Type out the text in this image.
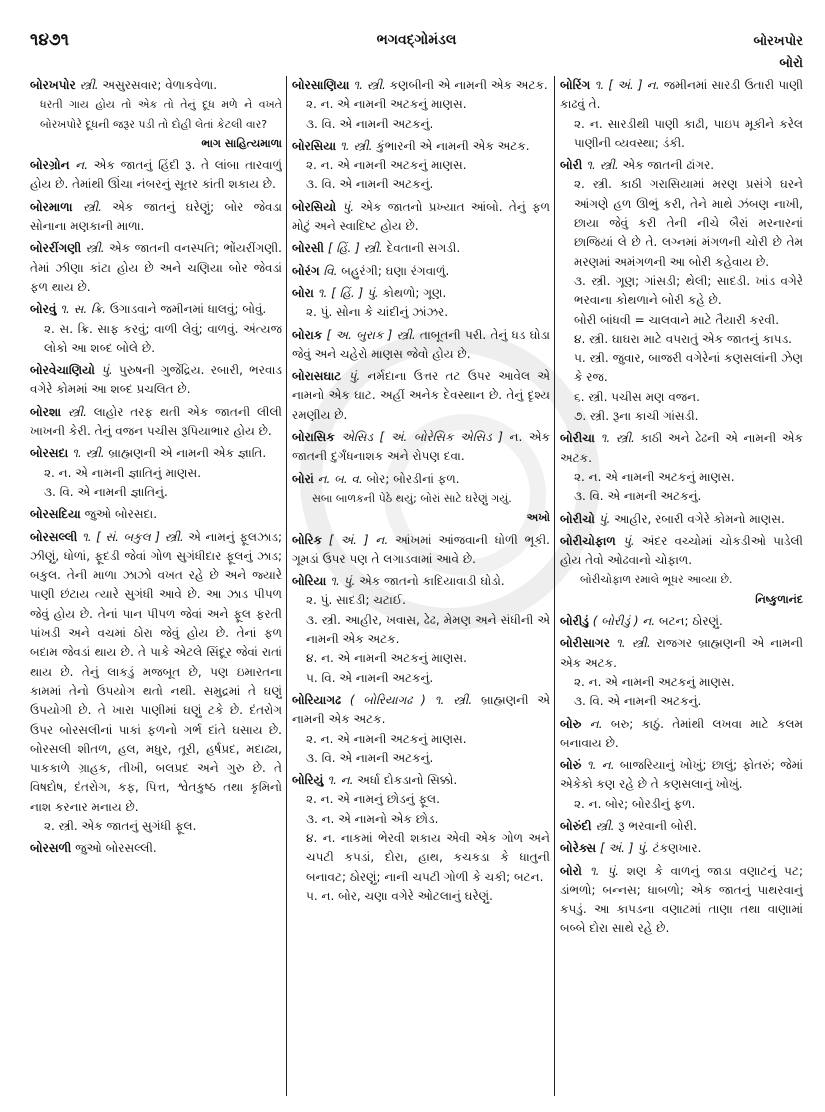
૧૪૭૧	ભગવદ્ગોમંડલ	બોરખપોર
બોરો

બોરખપોર સ્ત્રી. અસુરસવાર; વેળાકવેળા.

ધરતી ગાય હોય તો એક તો તેનું દૂધ મળે ને વખતે બોરખપોરે દૂધની જરૂર પડી તો દોહી લેતાં કેટલી વાર?

ભાગ સાહિત્યમાળા

બોરગ્રોન ન. એક જાતનું હિંદી રૂ. તે લાંબા તારવાળું હોય છે. તેમાંથી ઊંચા નંબરનું સૂતર કાંતી શકાય છે.

બોરમાળા સ્ત્રી. એક જાતનું ઘરેણું; બોર જેવડા સોનાના મણકાની માળા.

બોરરીંગણી સ્ત્રી. એક જાતની વનસ્પતિ; ભોંયરીંગણી. તેમાં ઝીણા કાંટા હોય છે અને ચણિયા બોર જેવડાં ફળ થાય છે.

બોરવું ૧. સ. ક્રિ. ઉગાડવાને જમીનમાં ધાલવું; બોવું.

૨. સ. ક્રિ. સાફ કરવું; વાળી લેવું; વાળવું. અંત્યજ લોકો આ શબ્દ બોલે છે.

બોરવેચાણિયો પું. પુરુષની ગુજેંદ્રિય. રબારી, ભરવાડ વગેરે કોમમાં આ શબ્દ પ્રચલિત છે.

બોરશા સ્ત્રી. લાહોર તરફ થતી એક જાતની લીલી ખાખની કેરી. તેનું વજન પચીસ રૂપિયાભાર હોય છે.

બોરસદા ૧. સ્ત્રી. બ્રાહ્મણની એ નામની એક જ્ઞાતિ.

૨. ન. એ નામની જ્ઞાતિનું માણસ.

૩. વિ. એ નામની જ્ઞાતિનું.

બોરસદિયા જુઓ બોરસદા.

બોરસલ્લી ૧. [ સં. બકુલ ] સ્ત્રી. એ નામનું ફૂલઝાડ; ઝીણું, ધોળાં, ફૂદડી જેવાં ગોળ સુગંધીદાર ફૂલનું ઝાડ; બકુલ. તેની માળા ઝાઝો વખત રહે છે અને જ્યારે પાણી છંટાય ત્યારે સુગંધી આવે છે. આ ઝાડ પીપળ જેવું હોય છે. તેનાં પાન પીપળ જેવાં અને ફૂલ ફરતી પાંખડી અને વચમાં ઠોરા જેવું હોય છે. તેનાં ફળ બદામ જેવડાં થાય છે. તે પાકે એટલે સિંદૂર જેવાં રાતાં થાય છે. તેનું લાકડું મજબૂત છે, પણ ઇમારતના કામમાં તેનો ઉપયોગ થતો નથી. સમુદ્રમાં તે ઘણું ઉપયોગી છે. તે ખારા પાણીમાં ઘણું ટકે છે. દંતરોગ ઉપર બોરસલીનાં પાકાં ફળનો ગર્ભ દાંતે ઘસાય છે. બોરસલી શીતળ, હલ, મધુર, તૂરી, હર્ષપ્રદ, મદાઢ્ય, પાકકાળે ગ્રાહક, તીખી, બલપ્રદ અને ગુરુ છે. તે વિષદોષ, દંતરોગ, કફ, પિત્ત, શ્વેતકુષ્ઠ તથા કૃમિનો નાશ કરનાર મનાય છે.

૨. સ્ત્રી. એક જાતનું સુગંધી ફૂલ.

બોરસળી જુઓ બોરસલ્લી.

બોરસાણિયા ૧. સ્ત્રી. કણબીની એ નામની એક અટક.

૨. ન. એ નામની અટકનું માણસ.

૩. વિ. એ નામની અટકનું.

બોરસિયા ૧. સ્ત્રી. કુંભારની એ નામની એક અટક.

૨. ન. એ નામની અટકનું માણસ.

૩. વિ. એ નામની અટકનું.

બોરસિયો પું. એક જાતનો પ્રખ્યાત આંબો. તેનું ફળ મોટું અને સ્વાદિષ્ટ હોય છે.

બોરસી [ હિં. ] સ્ત્રી. દેવતાની સગડી.

બોરંગ વિ. બહુરંગી; ઘણા રંગવાળું.

બોરા ૧. [ હિં. ] પું. કોથળો; ગૂણ.

૨. પું. સોના કે ચાંદીનું ઝાંઝર.

બોરાક [ અ. બુરાક ] સ્ત્રી. તાબૂતની પરી. તેનું ધડ ઘોડા જેવું અને ચહેરો માણસ જેવો હોય છે.

બોરાસઘાટ પું. નર્મદાના ઉત્તર તટ ઉપર આવેલ એ નામનો એક ઘાટ. અહીં અનેક દેવસ્થાન છે. તેનું દૃશ્ય રમણીય છે.

બોરાસિક એસિડ [ અં. બોરેસિક એસિડ ] ન. એક જાતની દુર્ગંધનાશક અને રોપણ દવા.

બોરાં ન. બ. વ. બોર; બોરડીનાં ફળ.

સબા બાળકની પેઠે થયું; બોરાં સાટે ઘરેણું ગયું.

અખો

બોરિક [ અં. ] ન. આંખમાં આંજવાની ધોળી ભૂકી. ગૂમડાં ઉપર પણ તે લગાડવામાં આવે છે.

બોરિયા ૧. પું. એક જાતનો કાદિયાવાડી ઘોડો.

૨. પું. સાદડી; ચટાઈ.

૩. સ્ત્રી. આહીર, ખવાસ, ઢેઢ, મેમણ અને સંધીની એ નામની એક અટક.

૪. ન. એ નામની અટકનું માણસ.

૫. વિ. એ નામની અટકનું.

બોરિયાગઢ ( બોરિયાગઢ ) ૧. સ્ત્રી. બ્રાહ્મણની એ નામની એક અટક.

૨. ન. એ નામની અટકનું માણસ.

૩. વિ. એ નામની અટકનું.

બોરિયું ૧. ન. અર્ધા દોકડાનો સિક્કો.

૨. ન. એ નામનું છોડનું ફૂલ.

૩. ન. એ નામનો એક છોડ.

૪. ન. નાકમાં ભેરવી શકાય એવી એક ગોળ અને ચપટી કપડાં, દોરા, હાથ, કચકડા કે ધાતુની બનાવટ; ઠોરણું; નાની ચપટી ગોળી કે ચકી; બટન.

૫. ન. બોર, ચણા વગેરે ઓટલાનું ઘરેણું.

બોરિંગ ૧. [ અં. ] ન. જમીનમાં સારડી ઉતારી પાણી કાઢવું તે.

૨. ન. સારડીથી પાણી કાઢી, પાઇપ મૂકીને કરેલ પાણીની વ્યવસ્થા; ડંકી.

બોરી ૧. સ્ત્રી. એક જાતની ઢાંગર.

૨. સ્ત્રી. કાઠી ગરાસિયામાં મરણ પ્રસંગે ઘરને આંગણે હળ ઊભું કરી, તેને માથે ઝંબણ નાખી, છાયા જેવું કરી તેની નીચે બૈરાં મરનારનાં છાજિયાં લે છે તે. લગ્નમાં મંગળની ચોરી છે તેમ મરણમાં અમંગળની આ બોરી કહેવાય છે.

૩. સ્ત્રી. ગૂણ; ગાંસડી; થેલી; સાદડી. ખાંડ વગેરે ભરવાના કોથળાને બોરી કહે છે.

બોરી બાંધવી = ચાલવાને માટે તૈયારી કરવી.

૪. સ્ત્રી. ઘાઘરા માટે વપરાતું એક જાતનું કાપડ.

૫. સ્ત્રી. જુવાર, બાજરી વગેરેનાં કણસલાંની ઝેણ કે રજ.

૬. સ્ત્રી. પચીસ મણ વજન.

૭. સ્ત્રી. રૂના કાચી ગાંસડી.

બોરીચા ૧. સ્ત્રી. કાઠી અને ઢેઢની એ નામની એક અટક.

૨. ન. એ નામની અટકનું માણસ.

૩. વિ. એ નામની અટકનું.

બોરીચો પું. આહીર, રબારી વગેરે કોમનો માણસ.

બોરીચોફાળ પું. અંદર વચ્ચોમાં ચોકડીઓ પાડેલી હોય તેવો ઓઢવાનો ચોફાળ.

બોરીચોફાળ રમાલે ભૂધર આવ્યા છે.

નિષ્કુળાનંદ

બોરીડું ( બોરીડું ) ન. બટન; ઠોરણું.

બોરીસાગર ૧. સ્ત્રી. રાજગર બ્રાહ્મણની એ નામની એક અટક.

૨. ન. એ નામની અટકનું માણસ.

૩. વિ. એ નામની અટકનું.

બોરુ ન. બરુ; કાઠું. તેમાંથી લખવા માટે કલમ બનાવાય છે.

બોરું ૧. ન. બાજરિયાનું ખોખું; છાલું; ફોતરું; જેમાં એકેકો કણ રહે છે તે કણસલાનું ખોખું.

૨. ન. બોર; બોરડીનું ફળ.

બોરુંદી સ્ત્રી. રૂ ભરવાની બોરી.

બોરેક્સ [ અં. ] પું. ટંકણખાર.

બોરો ૧. પું. શણ કે વાળનું જાડા વણાટનું પટ; ડાંભળો; બન્નસ; ધાબળો; એક જાતનું પાથરવાનું કપડું. આ કાપડના વણાટમાં તાણા તથા વાણામાં બબ્બે દોરા સાથે રહે છે.
